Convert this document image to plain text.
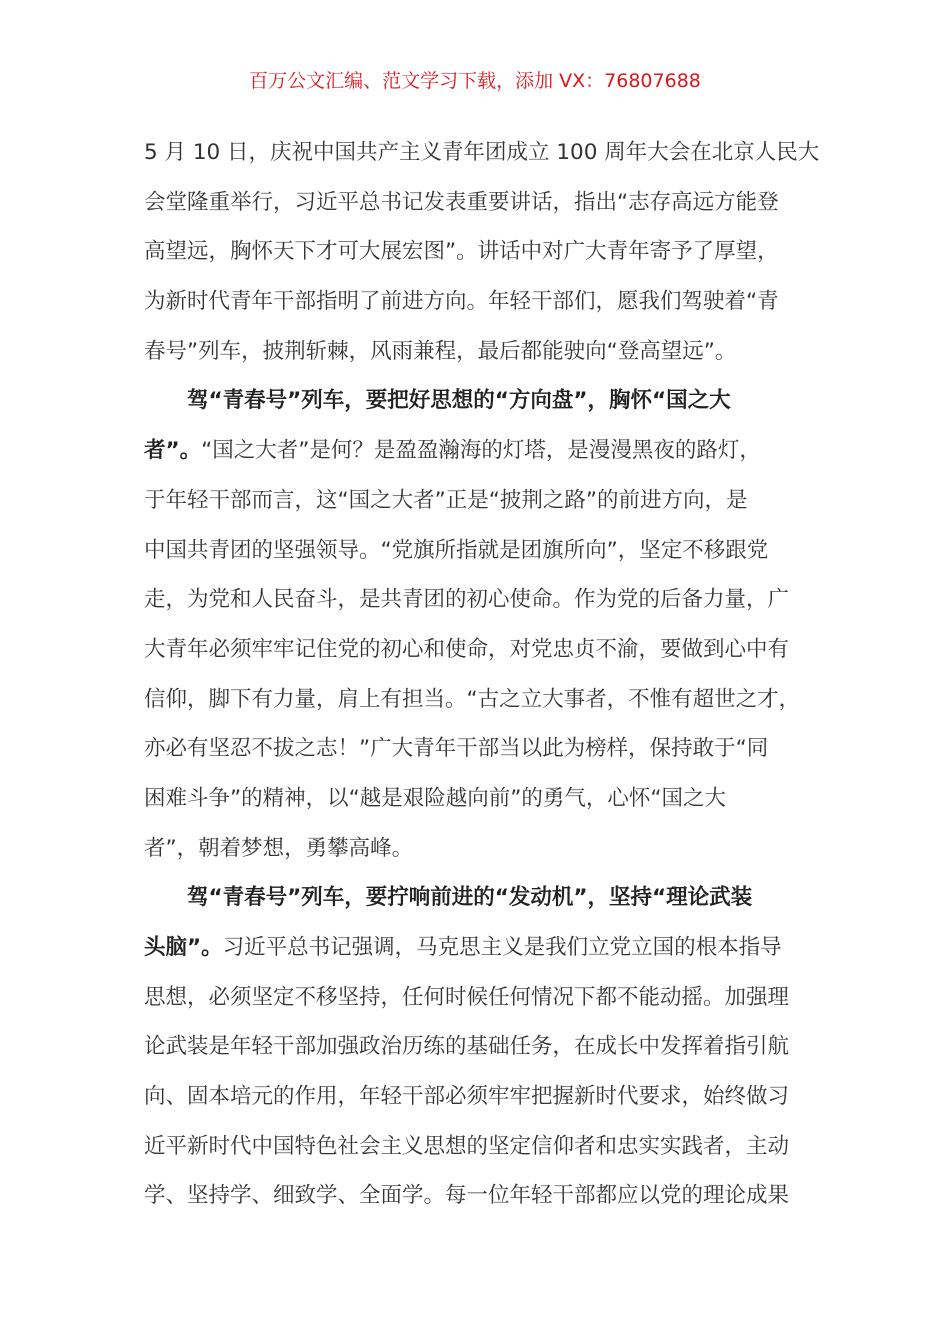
百万公文汇编、范文学习下载，添加 VX：76807688
5 月 10 日，庆祝中国共产主义青年团成立 100 周年大会在北京人民大
会堂隆重举行，习近平总书记发表重要讲话，指出“志存高远方能登
高望远，胸怀天下才可大展宏图”。讲话中对广大青年寄予了厚望，
为新时代青年干部指明了前进方向。年轻干部们，愿我们驾驶着“青
春号”列车，披荆斩棘，风雨兼程，最后都能驶向“登高望远”。
驾“青春号”列车，要把好思想的“方向盘”，胸怀“国之大
者”。“国之大者”是何？是盈盈瀚海的灯塔，是漫漫黑夜的路灯，
于年轻干部而言，这“国之大者”正是“披荆之路”的前进方向，是
中国共青团的坚强领导。“党旗所指就是团旗所向”，坚定不移跟党
走，为党和人民奋斗，是共青团的初心使命。作为党的后备力量，广
大青年必须牢牢记住党的初心和使命，对党忠贞不渝，要做到心中有
信仰，脚下有力量，肩上有担当。“古之立大事者，不惟有超世之才，
亦必有坚忍不拔之志！”广大青年干部当以此为榜样，保持敢于“同
困难斗争”的精神，以“越是艰险越向前”的勇气，心怀“国之大
者”，朝着梦想，勇攀高峰。
驾“青春号”列车，要拧响前进的“发动机”，坚持“理论武装
头脑”。习近平总书记强调，马克思主义是我们立党立国的根本指导
思想，必须坚定不移坚持，任何时候任何情况下都不能动摇。加强理
论武装是年轻干部加强政治历练的基础任务，在成长中发挥着指引航
向、固本培元的作用，年轻干部必须牢牢把握新时代要求，始终做习
近平新时代中国特色社会主义思想的坚定信仰者和忠实实践者，主动
学、坚持学、细致学、全面学。每一位年轻干部都应以党的理论成果
